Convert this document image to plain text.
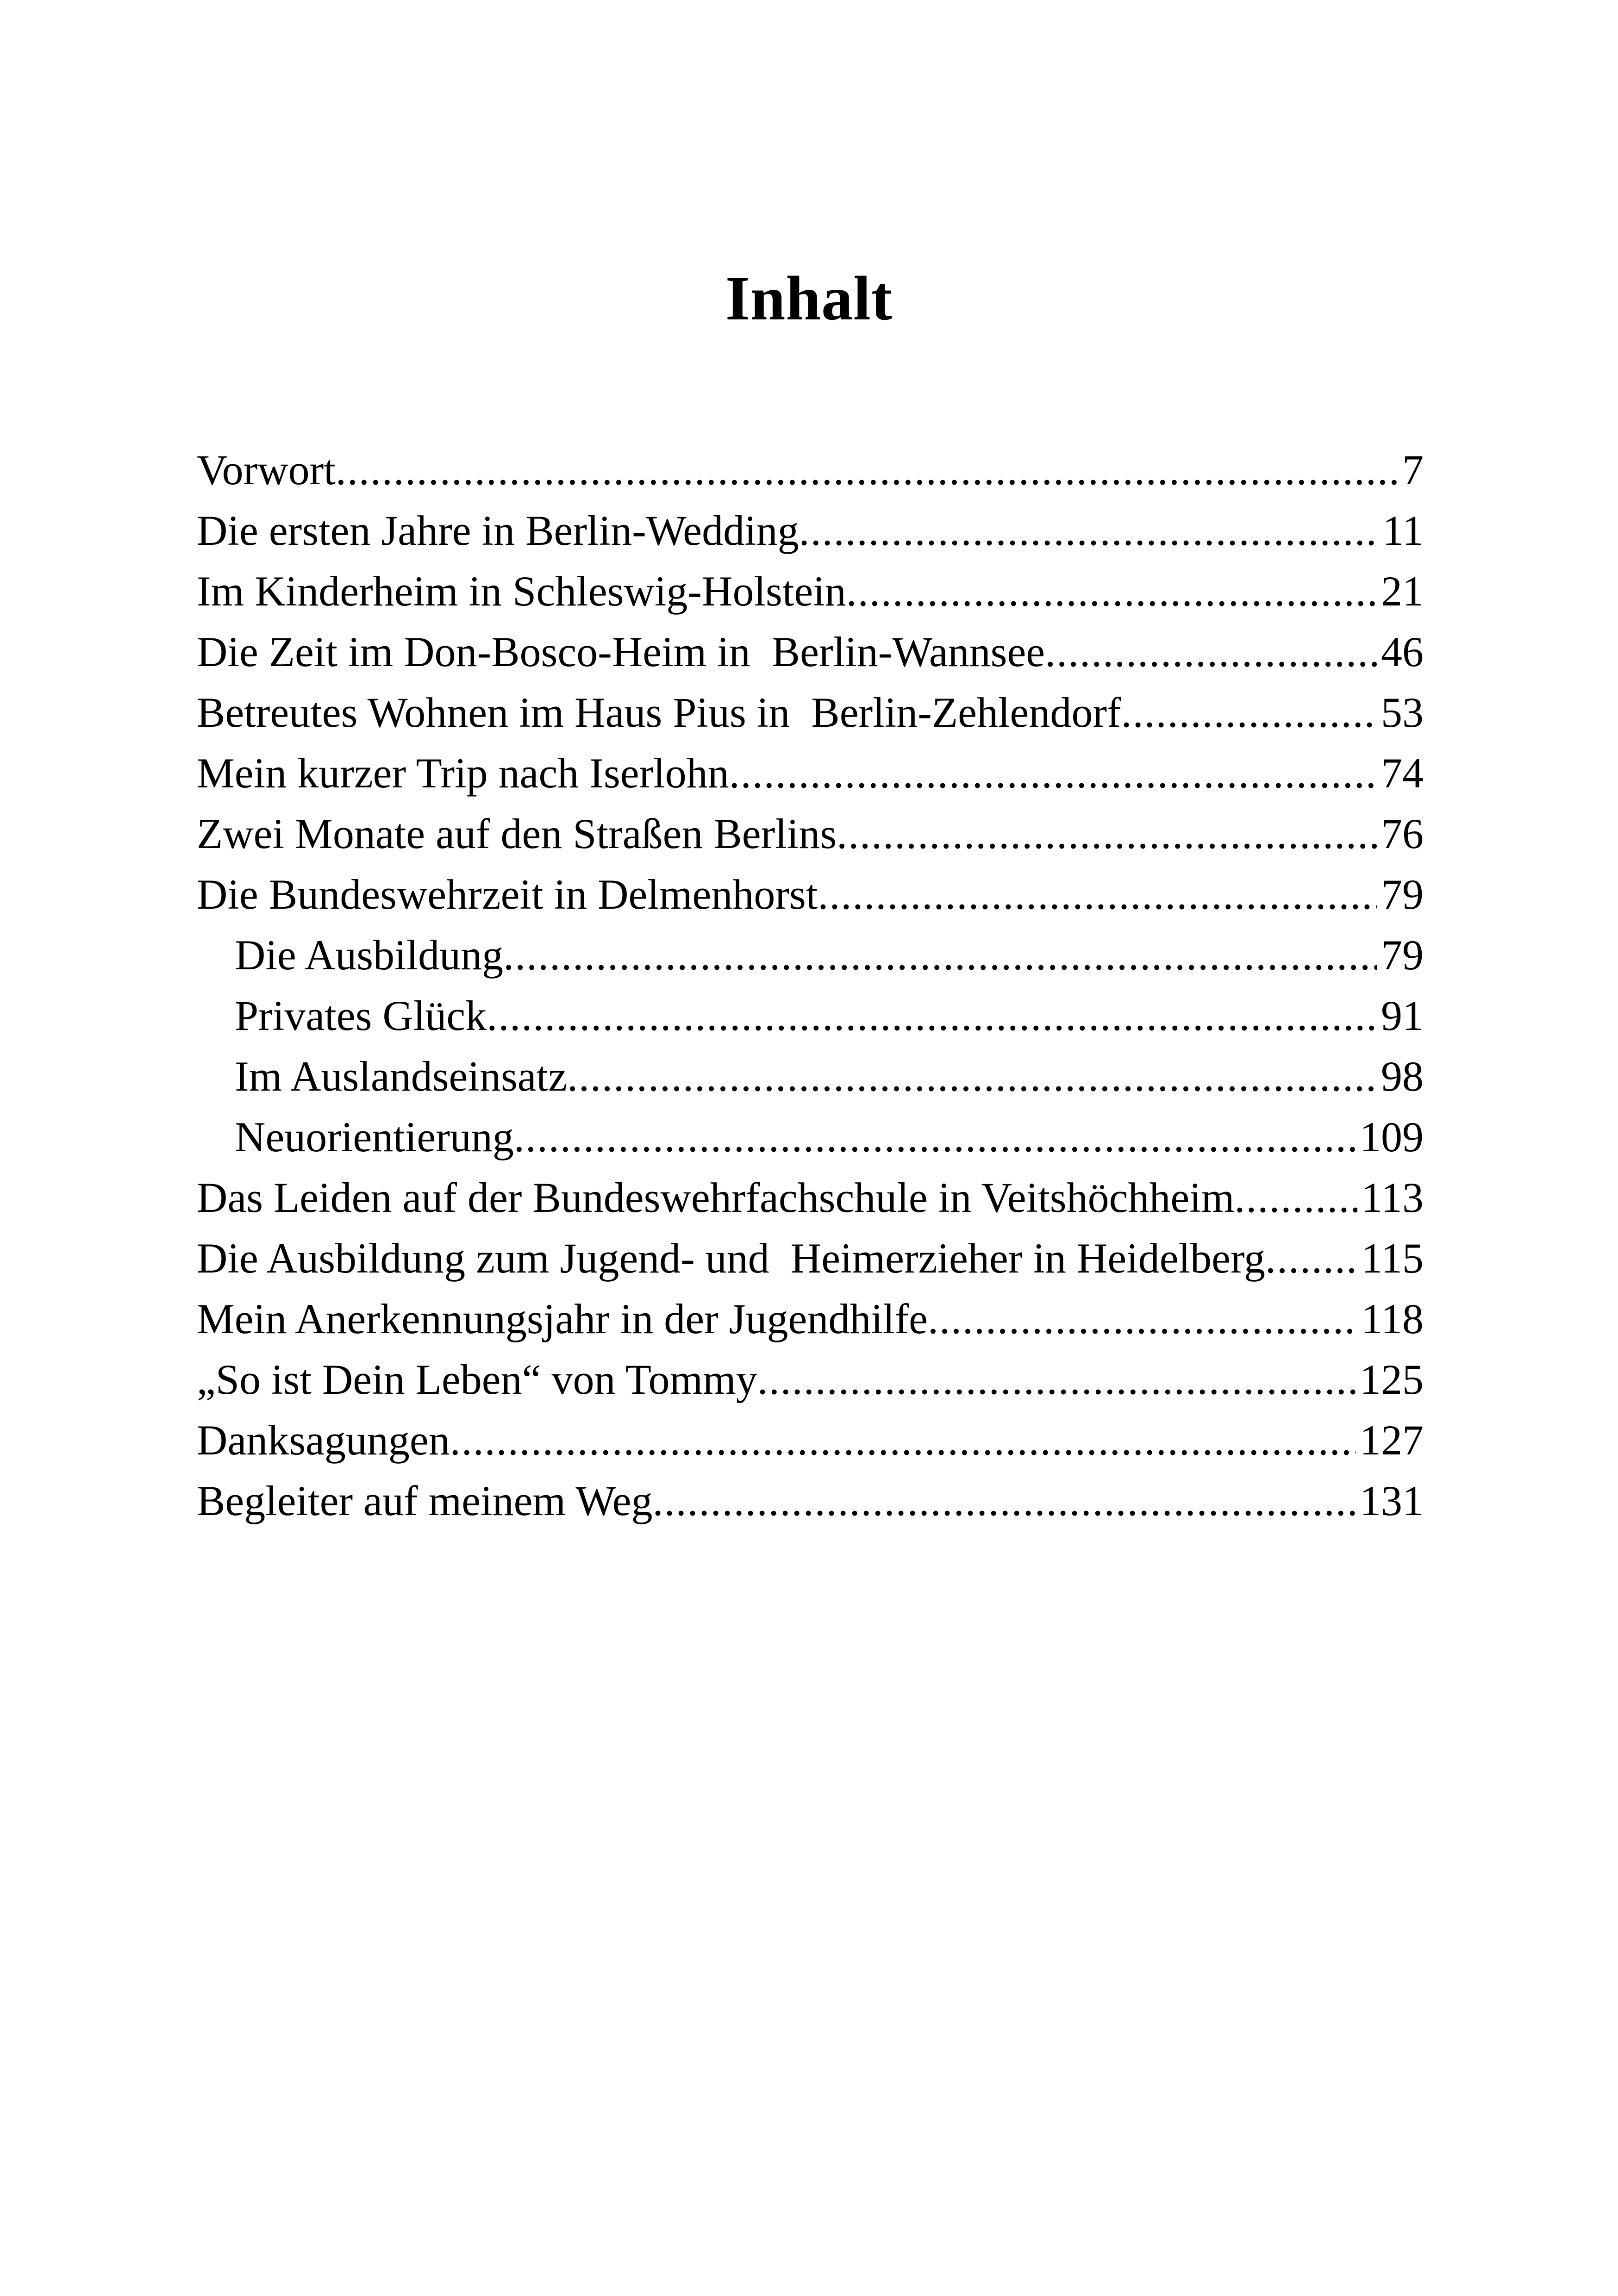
Inhalt
Vorwort .....	7
Die ersten Jahre in Berlin-Wedding .....	11
Im Kinderheim in Schleswig-Holstein .....	21
Die Zeit im Don-Bosco-Heim in  Berlin-Wannsee .....	46
Betreutes Wohnen im Haus Pius in  Berlin-Zehlendorf .....	53
Mein kurzer Trip nach Iserlohn .....	74
Zwei Monate auf den Straßen Berlins .....	76
Die Bundeswehrzeit in Delmenhorst .....	79
Die Ausbildung .....	79
Privates Glück .....	91
Im Auslandseinsatz .....	98
Neuorientierung .....	109
Das Leiden auf der Bundeswehrfachschule in Veitshöchheim .....	113
Die Ausbildung zum Jugend- und  Heimerzieher in Heidelberg ..... 115
Mein Anerkennungsjahr in der Jugendhilfe .....	118
„So ist Dein Leben“ von Tommy .....	125
Danksagungen .....	127
Begleiter auf meinem Weg .....	131
